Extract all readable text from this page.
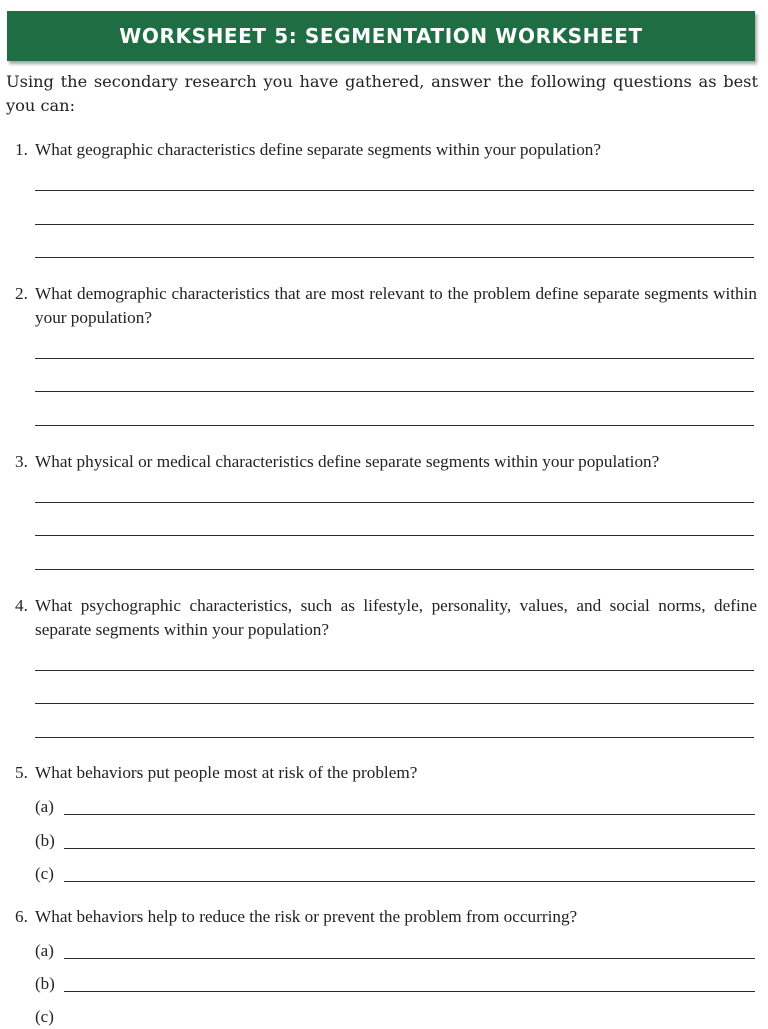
WORKSHEET 5: SEGMENTATION WORKSHEET
Using the secondary research you have gathered, answer the following questions as best you can:
1. What geographic characteristics define separate segments within your population?
2. What demographic characteristics that are most relevant to the problem define separate segments within your population?
3. What physical or medical characteristics define separate segments within your population?
4. What psychographic characteristics, such as lifestyle, personality, values, and social norms, define separate segments within your population?
5. What behaviors put people most at risk of the problem?
(a)
(b)
(c)
6. What behaviors help to reduce the risk or prevent the problem from occurring?
(a)
(b)
(c)
